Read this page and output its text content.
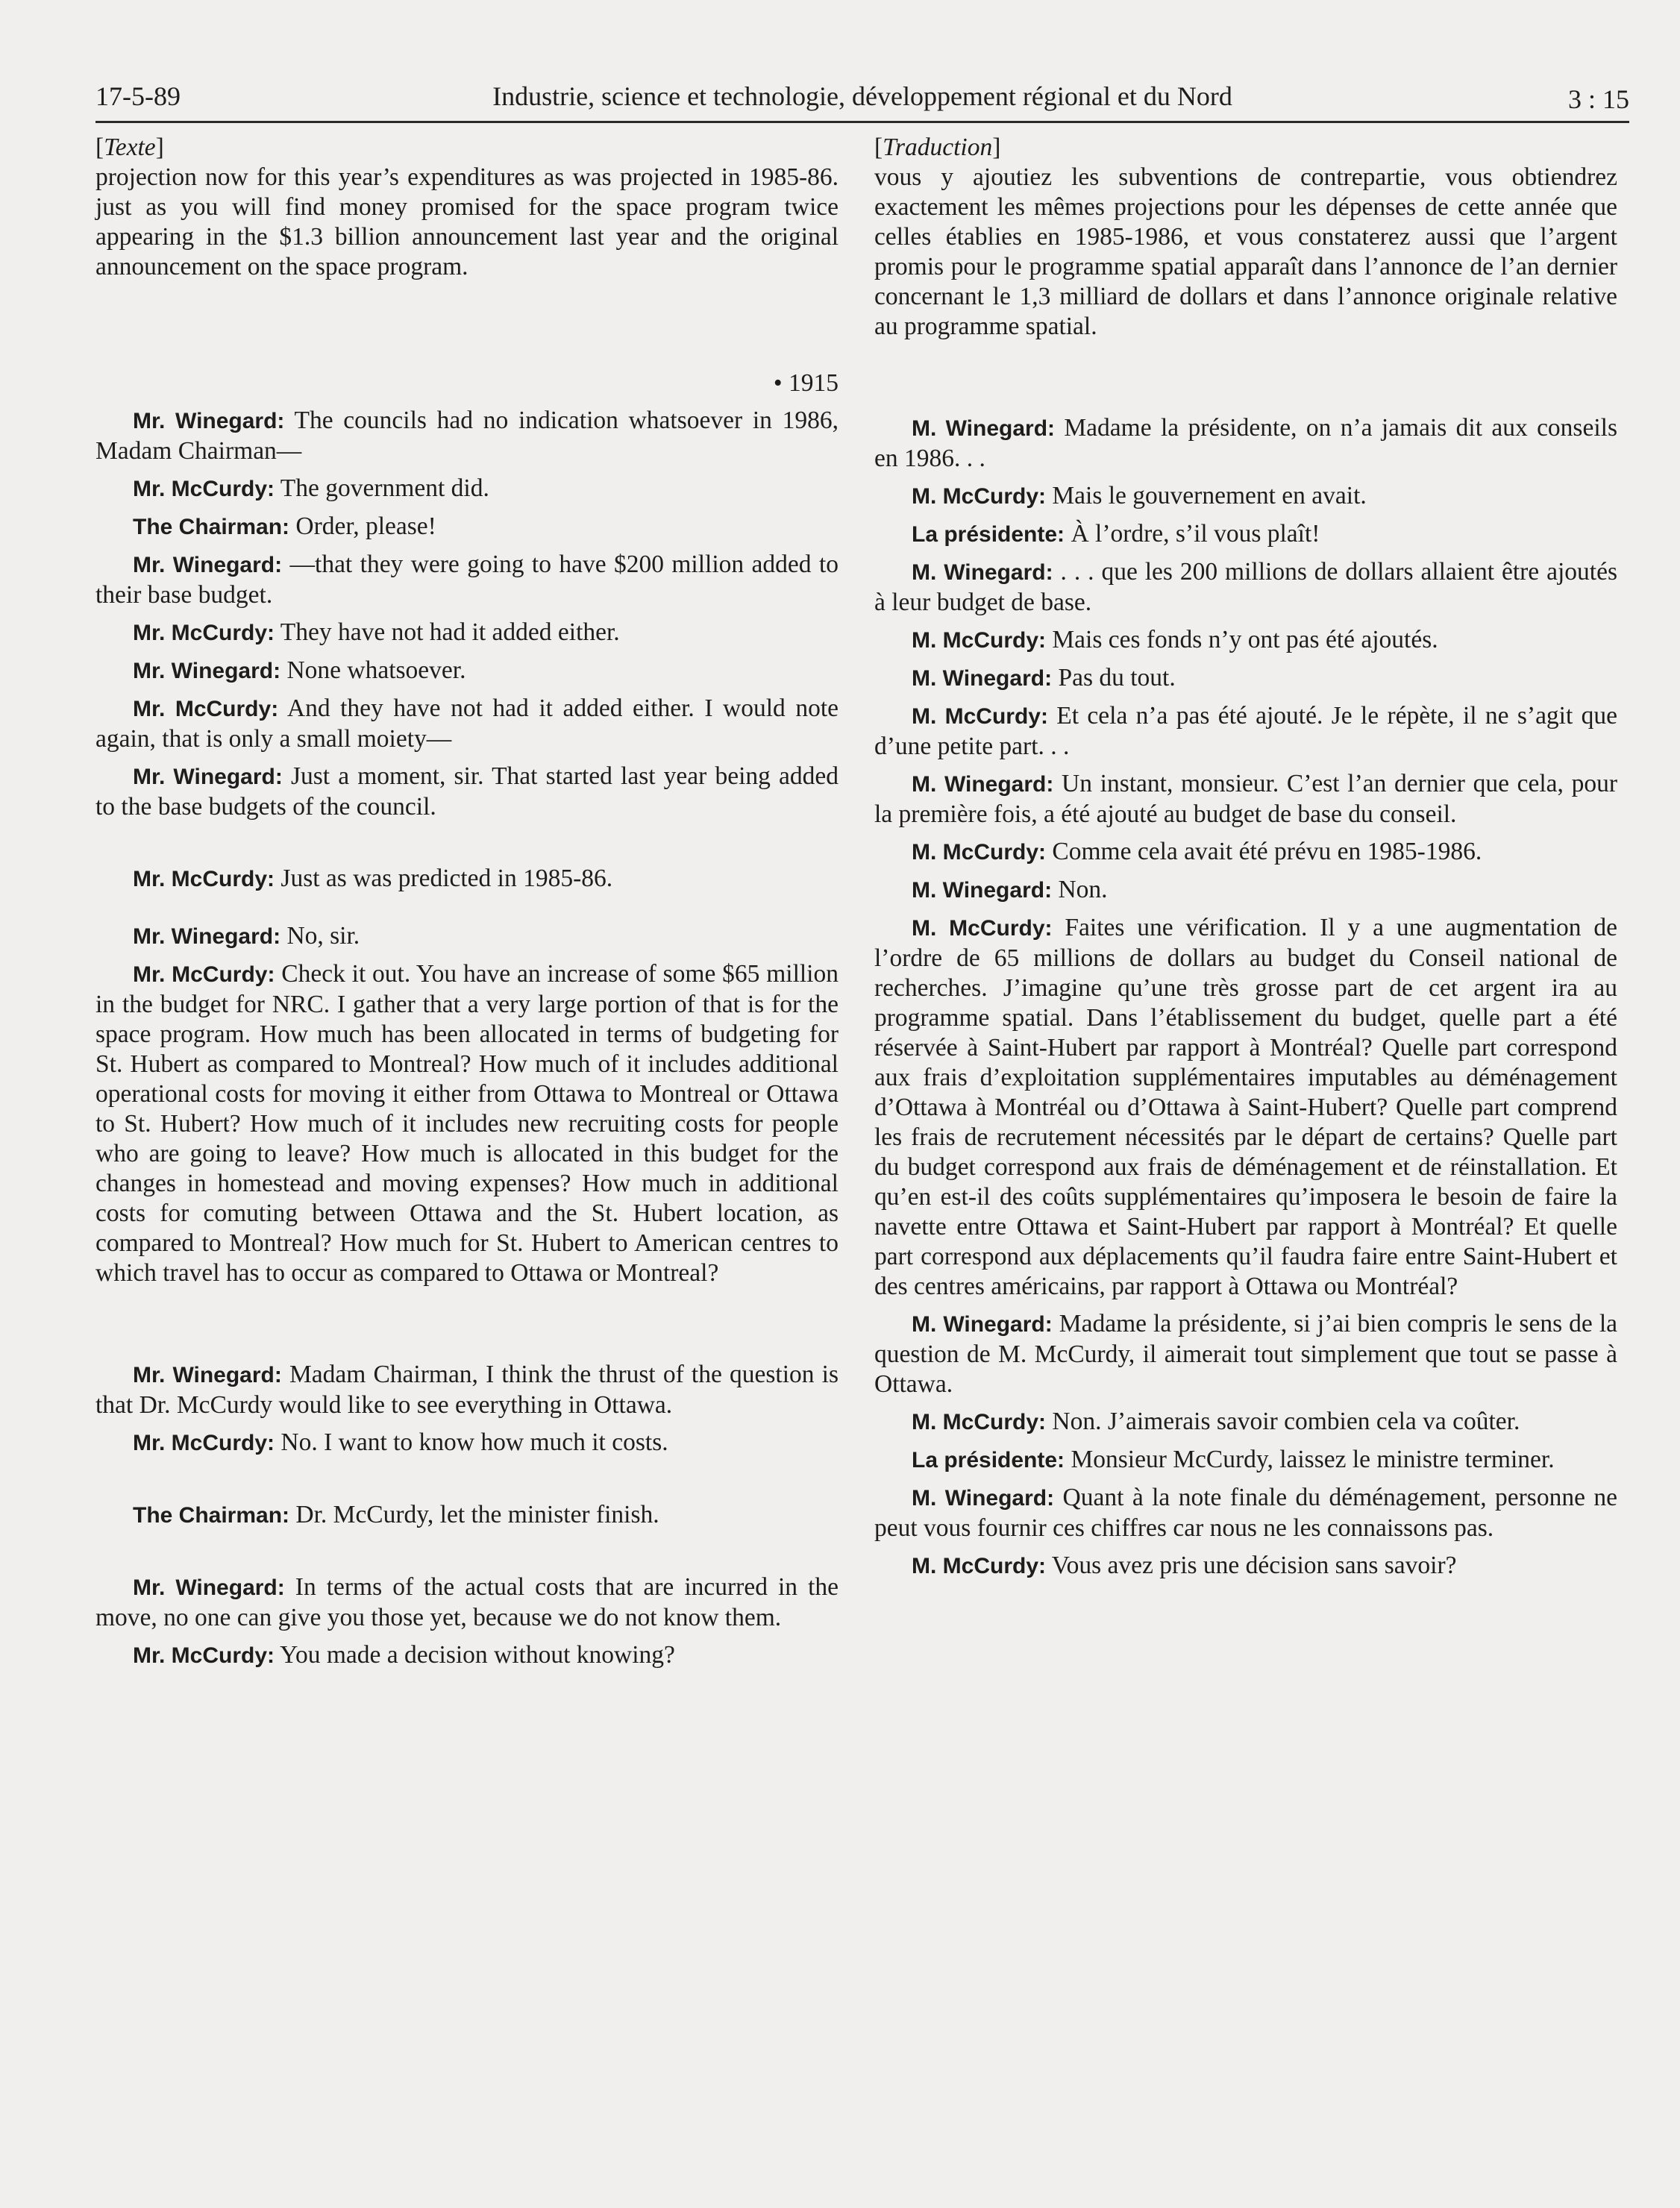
17-5-89	Industrie, science et technologie, développement régional et du Nord	3 : 15
[Texte]

projection now for this year’s expenditures as was projected in 1985-86. just as you will find money promised for the space program twice appearing in the $1.3 billion announcement last year and the original announcement on the space program.

• 1915

Mr. Winegard: The councils had no indication whatsoever in 1986, Madam Chairman—

Mr. McCurdy: The government did.

The Chairman: Order, please!

Mr. Winegard: —that they were going to have $200 million added to their base budget.

Mr. McCurdy: They have not had it added either.

Mr. Winegard: None whatsoever.

Mr. McCurdy: And they have not had it added either. I would note again, that is only a small moiety—

Mr. Winegard: Just a moment, sir. That started last year being added to the base budgets of the council.

Mr. McCurdy: Just as was predicted in 1985-86.

Mr. Winegard: No, sir.

Mr. McCurdy: Check it out. You have an increase of some $65 million in the budget for NRC. I gather that a very large portion of that is for the space program. How much has been allocated in terms of budgeting for St. Hubert as compared to Montreal? How much of it includes additional operational costs for moving it either from Ottawa to Montreal or Ottawa to St. Hubert? How much of it includes new recruiting costs for people who are going to leave? How much is allocated in this budget for the changes in homestead and moving expenses? How much in additional costs for comuting between Ottawa and the St. Hubert location, as compared to Montreal? How much for St. Hubert to American centres to which travel has to occur as compared to Ottawa or Montreal?

Mr. Winegard: Madam Chairman, I think the thrust of the question is that Dr. McCurdy would like to see everything in Ottawa.

Mr. McCurdy: No. I want to know how much it costs.

The Chairman: Dr. McCurdy, let the minister finish.

Mr. Winegard: In terms of the actual costs that are incurred in the move, no one can give you those yet, because we do not know them.

Mr. McCurdy: You made a decision without knowing?

[Traduction]

vous y ajoutiez les subventions de contrepartie, vous obtiendrez exactement les mêmes projections pour les dépenses de cette année que celles établies en 1985-1986, et vous constaterez aussi que l’argent promis pour le programme spatial apparaît dans l’annonce de l’an dernier concernant le 1,3 milliard de dollars et dans l’annonce originale relative au programme spatial.

M. Winegard: Madame la présidente, on n’a jamais dit aux conseils en 1986. . .

M. McCurdy: Mais le gouvernement en avait.

La présidente: À l’ordre, s’il vous plaît!

M. Winegard: . . . que les 200 millions de dollars allaient être ajoutés à leur budget de base.

M. McCurdy: Mais ces fonds n’y ont pas été ajoutés.

M. Winegard: Pas du tout.

M. McCurdy: Et cela n’a pas été ajouté. Je le répète, il ne s’agit que d’une petite part. . .

M. Winegard: Un instant, monsieur. C’est l’an dernier que cela, pour la première fois, a été ajouté au budget de base du conseil.

M. McCurdy: Comme cela avait été prévu en 1985-1986.

M. Winegard: Non.

M. McCurdy: Faites une vérification. Il y a une augmentation de l’ordre de 65 millions de dollars au budget du Conseil national de recherches. J’imagine qu’une très grosse part de cet argent ira au programme spatial. Dans l’établissement du budget, quelle part a été réservée à Saint-Hubert par rapport à Montréal? Quelle part correspond aux frais d’exploitation supplémentaires imputables au déménagement d’Ottawa à Montréal ou d’Ottawa à Saint-Hubert? Quelle part comprend les frais de recrutement nécessités par le départ de certains? Quelle part du budget correspond aux frais de déménagement et de réinstallation. Et qu’en est-il des coûts supplémentaires qu’imposera le besoin de faire la navette entre Ottawa et Saint-Hubert par rapport à Montréal? Et quelle part correspond aux déplacements qu’il faudra faire entre Saint-Hubert et des centres américains, par rapport à Ottawa ou Montréal?

M. Winegard: Madame la présidente, si j’ai bien compris le sens de la question de M. McCurdy, il aimerait tout simplement que tout se passe à Ottawa.

M. McCurdy: Non. J’aimerais savoir combien cela va coûter.

La présidente: Monsieur McCurdy, laissez le ministre terminer.

M. Winegard: Quant à la note finale du déménagement, personne ne peut vous fournir ces chiffres car nous ne les connaissons pas.

M. McCurdy: Vous avez pris une décision sans savoir?
